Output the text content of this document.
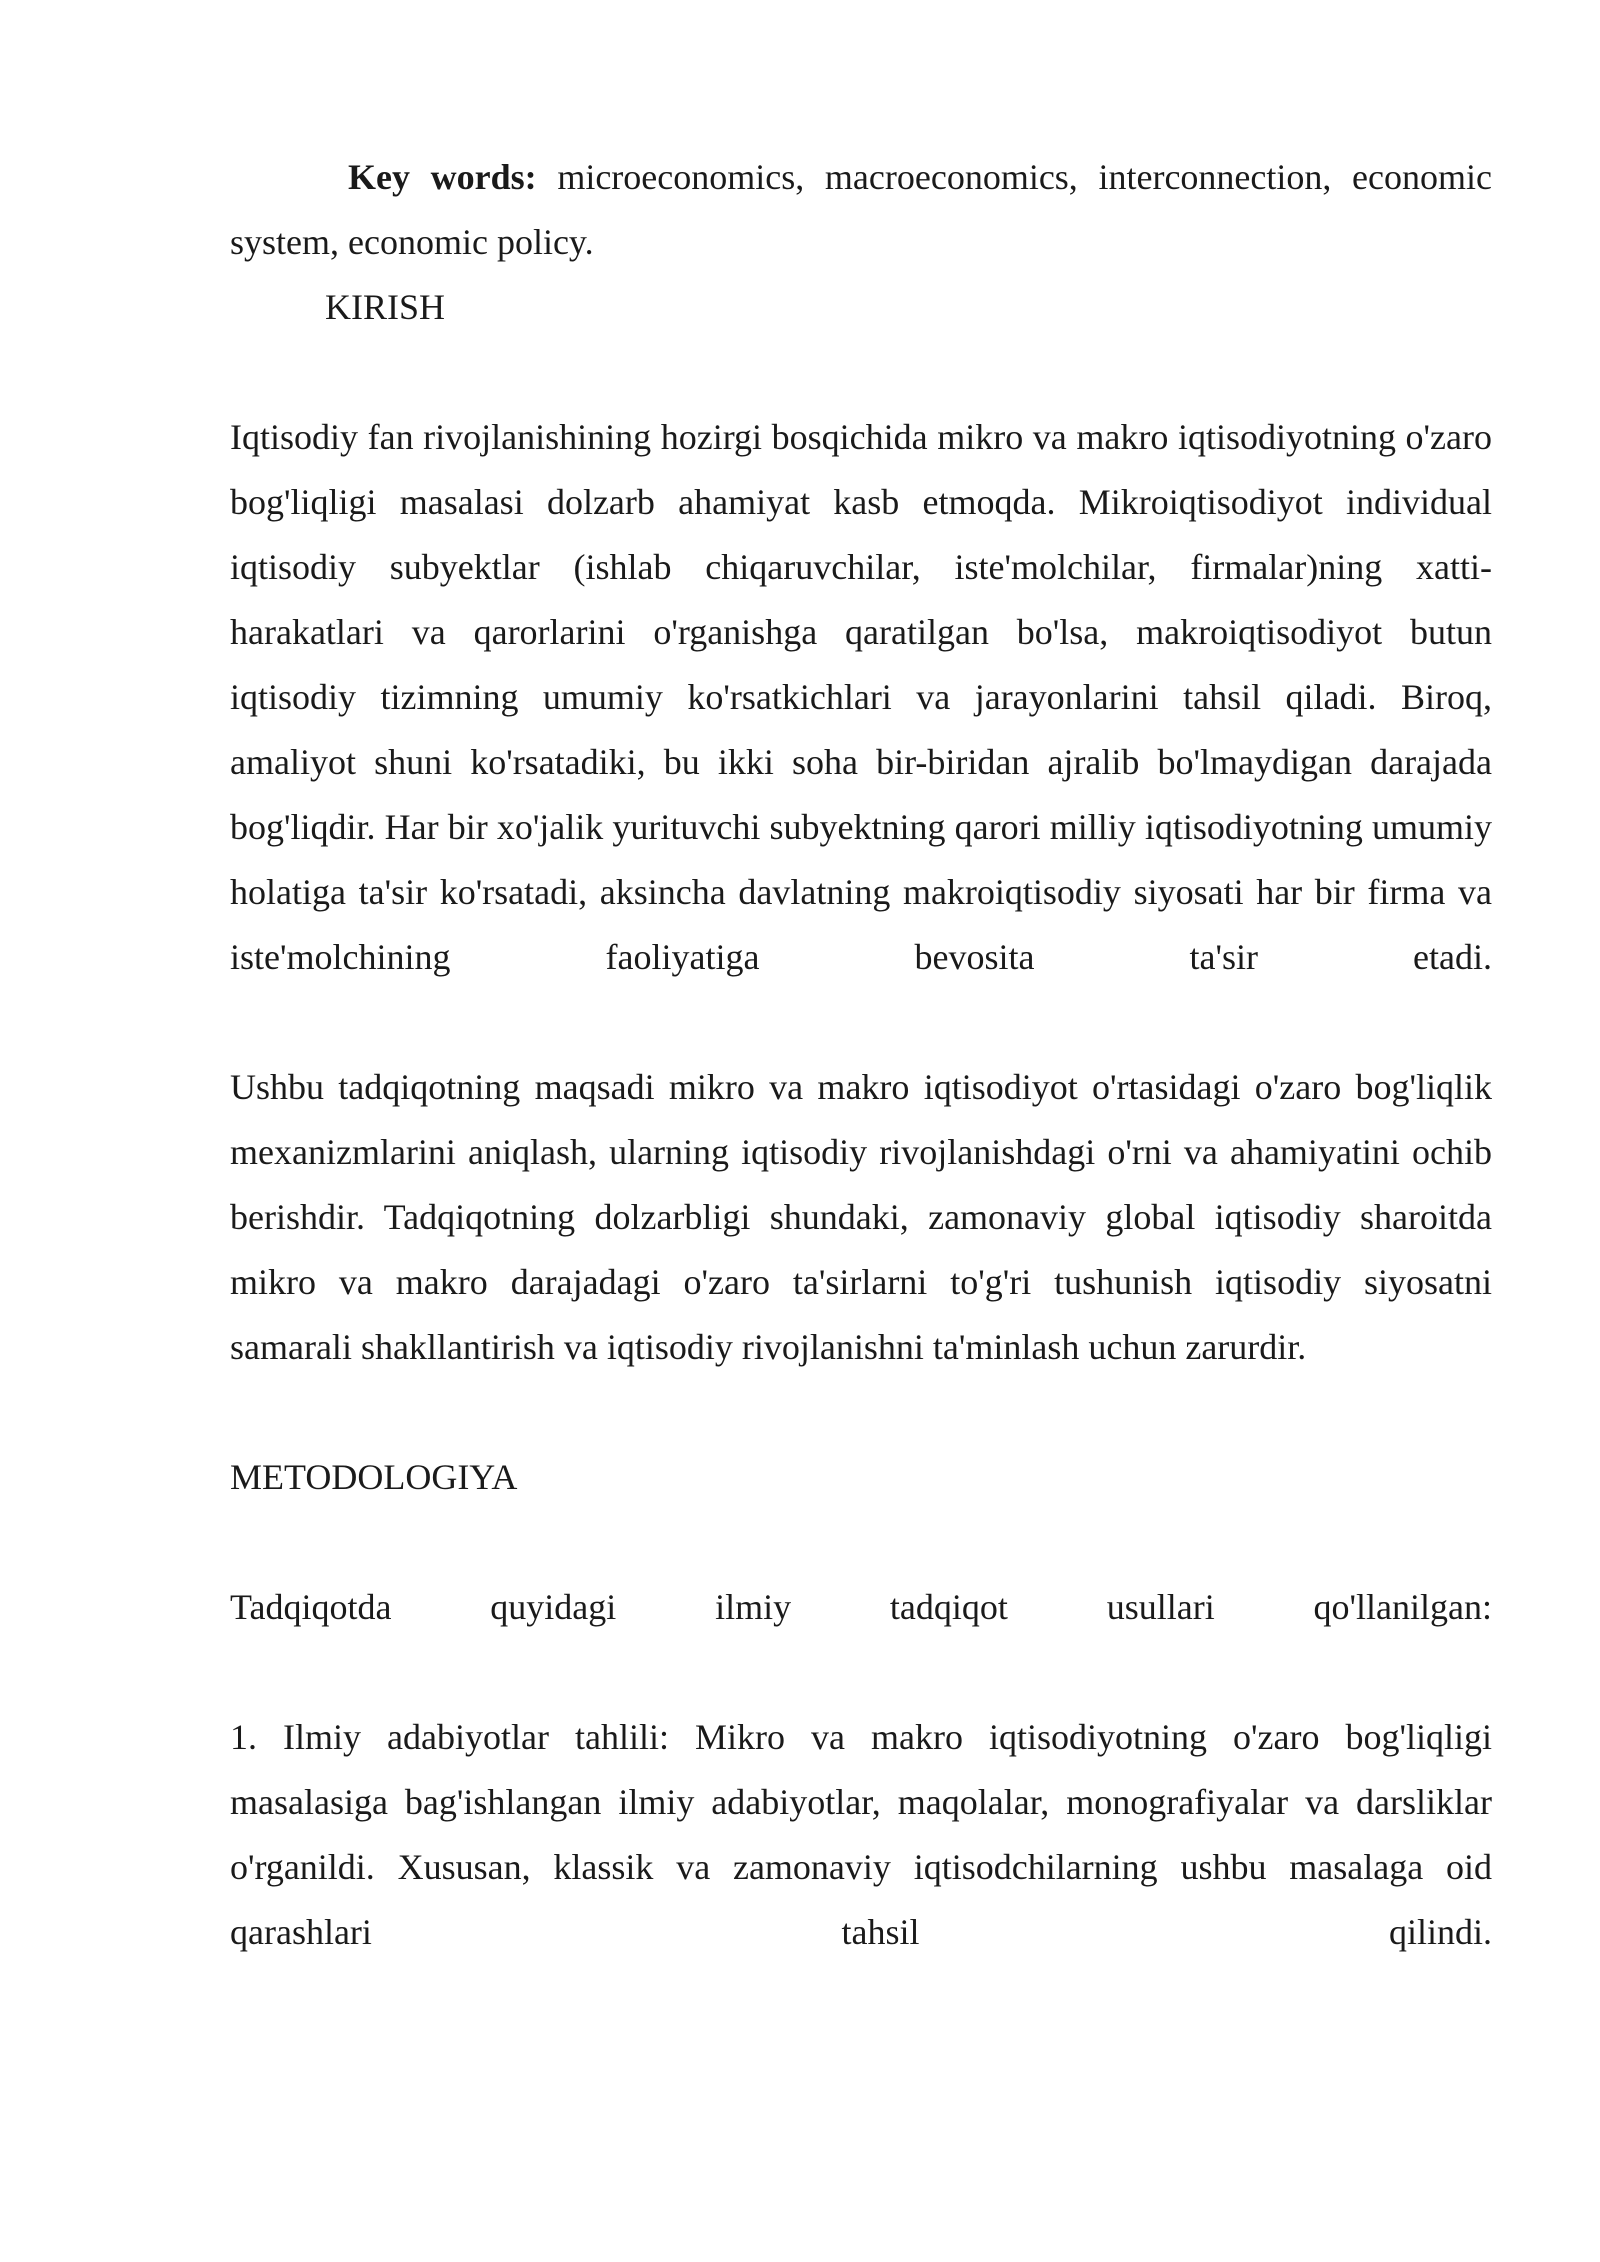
Key words: microeconomics, macroeconomics, interconnection, economic system, economic policy.

KIRISH

Iqtisodiy fan rivojlanishining hozirgi bosqichida mikro va makro iqtisodiyotning o'zaro bog'liqligi masalasi dolzarb ahamiyat kasb etmoqda. Mikroiqtisodiyot individual iqtisodiy subyektlar (ishlab chiqaruvchilar, iste'molchilar, firmalar)ning xatti-harakatlari va qarorlarini o'rganishga qaratilgan bo'lsa, makroiqtisodiyot butun iqtisodiy tizimning umumiy ko'rsatkichlari va jarayonlarini tahsil qiladi. Biroq, amaliyot shuni ko'rsatadiki, bu ikki soha bir-biridan ajralib bo'lmaydigan darajada bog'liqdir. Har bir xo'jalik yurituvchi subyektning qarori milliy iqtisodiyotning umumiy holatiga ta'sir ko'rsatadi, aksincha davlatning makroiqtisodiy siyosati har bir firma va iste'molchining faoliyatiga bevosita ta'sir etadi.

Ushbu tadqiqotning maqsadi mikro va makro iqtisodiyot o'rtasidagi o'zaro bog'liqlik mexanizmlarini aniqlash, ularning iqtisodiy rivojlanishdagi o'rni va ahamiyatini ochib berishdir. Tadqiqotning dolzarbligi shundaki, zamonaviy global iqtisodiy sharoitda mikro va makro darajadagi o'zaro ta'sirlarni to'g'ri tushunish iqtisodiy siyosatni samarali shakllantirish va iqtisodiy rivojlanishni ta'minlash uchun zarurdir.

METODOLOGIYA

Tadqiqotda quyidagi ilmiy tadqiqot usullari qo'llanilgan:

1. Ilmiy adabiyotlar tahlili: Mikro va makro iqtisodiyotning o'zaro bog'liqligi masalasiga bag'ishlangan ilmiy adabiyotlar, maqolalar, monografiyalar va darsliklar o'rganildi. Xususan, klassik va zamonaviy iqtisodchilarning ushbu masalaga oid qarashlari tahsil qilindi.
